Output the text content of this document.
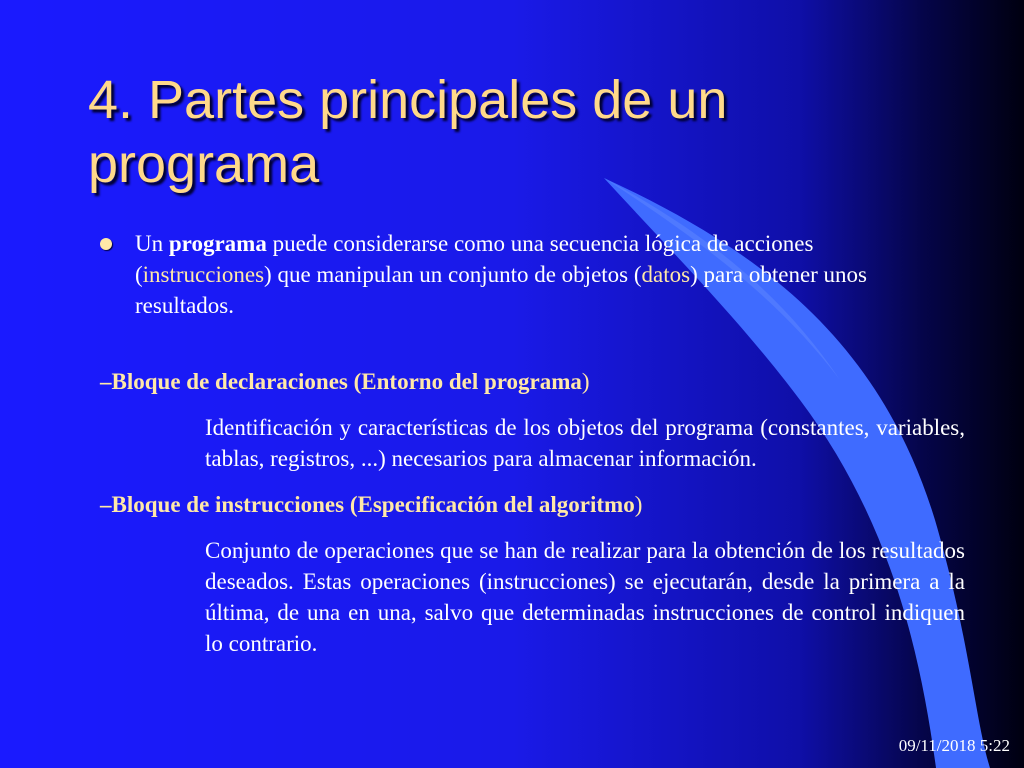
4. Partes principales de un programa

Un programa puede considerarse como una secuencia lógica de acciones (instrucciones) que manipulan un conjunto de objetos (datos) para obtener unos resultados.

–Bloque de declaraciones (Entorno del programa)

Identificación y características de los objetos del programa (constantes, variables, tablas, registros, ...) necesarios para almacenar información.

–Bloque de instrucciones (Especificación del algoritmo)

Conjunto de operaciones que se han de realizar para la obtención de los resultados deseados. Estas operaciones (instrucciones) se ejecutarán, desde la primera a la última, de una en una, salvo que determinadas instrucciones de control indiquen lo contrario.

09/11/2018 5:22
